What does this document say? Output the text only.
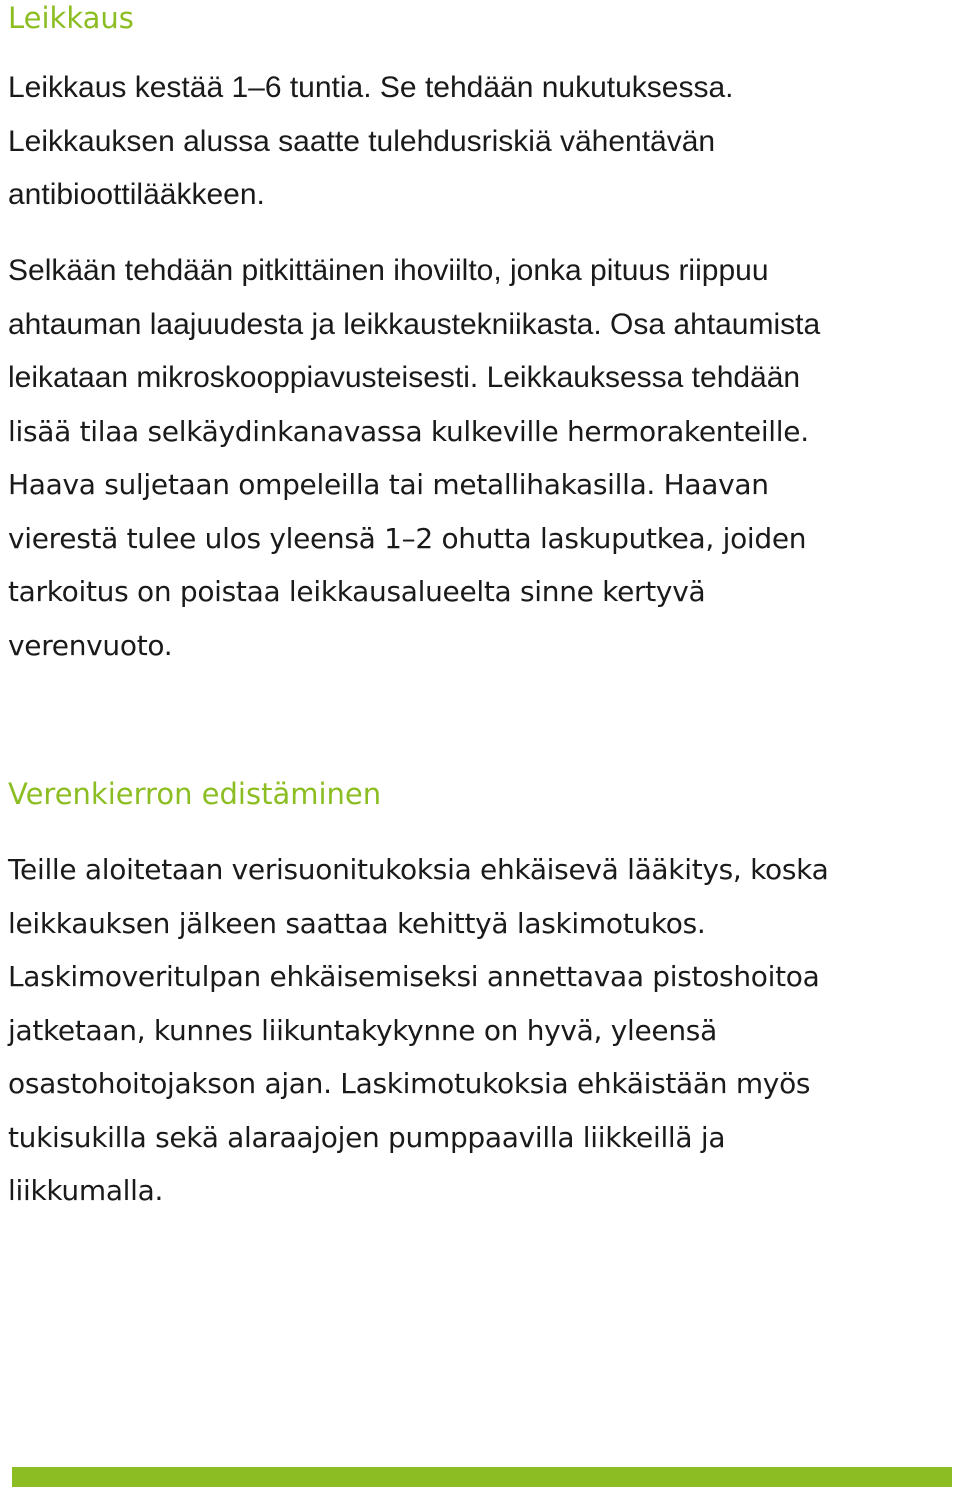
Leikkaus

Leikkaus kestää 1–6 tuntia. Se tehdään nukutuksessa.
Leikkauksen alussa saatte tulehdusriskiä vähentävän
antibioottilääkkeen.

Selkään tehdään pitkittäinen ihoviilto, jonka pituus riippuu
ahtauman laajuudesta ja leikkaustekniikasta. Osa ahtaumista
leikataan mikroskooppiavusteisesti. Leikkauksessa tehdään
lisää tilaa selkäydinkanavassa kulkeville hermorakenteille.
Haava suljetaan ompeleilla tai metallihakasilla. Haavan
vierestä tulee ulos yleensä 1–2 ohutta laskuputkea, joiden
tarkoitus on poistaa leikkausalueelta sinne kertyvä
verenvuoto.

Verenkierron edistäminen

Teille aloitetaan verisuonitukoksia ehkäisevä lääkitys, koska
leikkauksen jälkeen saattaa kehittyä laskimotukos.
Laskimoveritulpan ehkäisemiseksi annettavaa pistoshoitoa
jatketaan, kunnes liikuntakykynne on hyvä, yleensä
osastohoitojakson ajan. Laskimotukoksia ehkäistään myös
tukisukilla sekä alaraajojen pumppaavilla liikkeillä ja
liikkumalla.
